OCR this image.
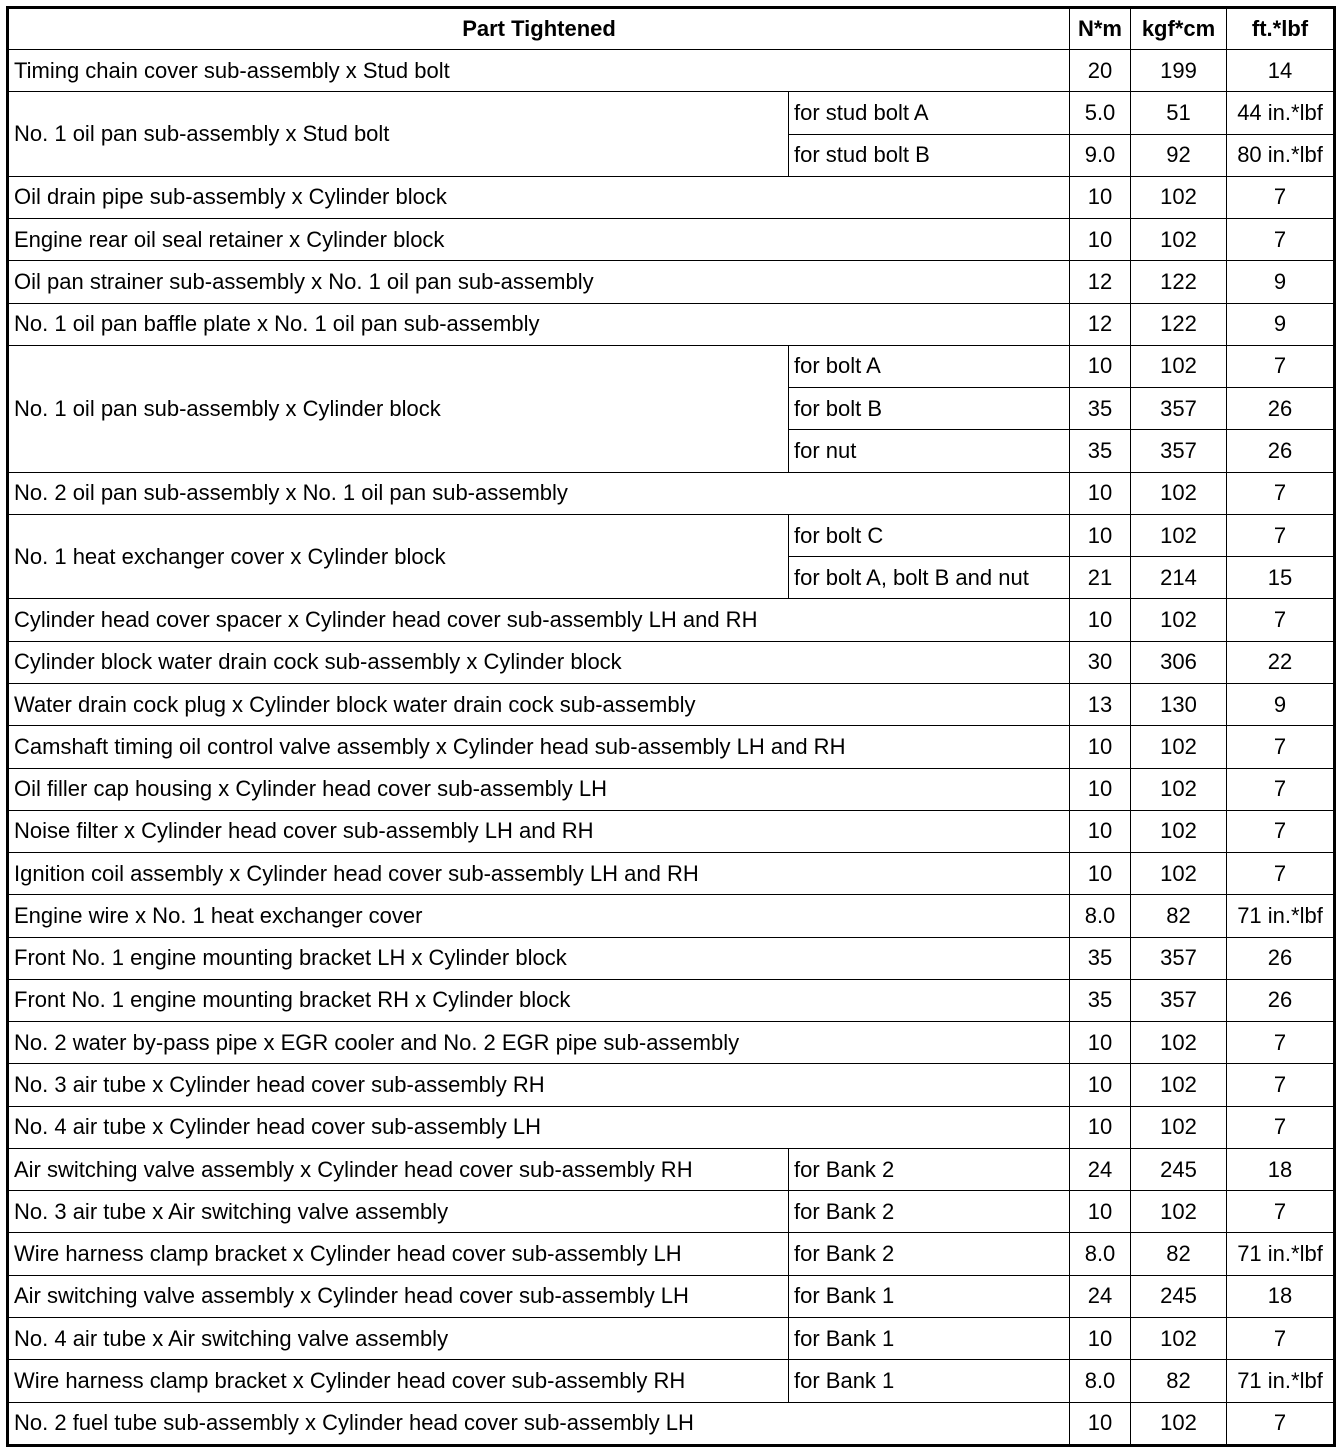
Part Tightened		N*m	kgf*cm	ft.*lbf
Timing chain cover sub-assembly x Stud bolt		20	199	14
No. 1 oil pan sub-assembly x Stud bolt	for stud bolt A	5.0	51	44 in.*lbf
	for stud bolt B	9.0	92	80 in.*lbf
Oil drain pipe sub-assembly x Cylinder block		10	102	7
Engine rear oil seal retainer x Cylinder block		10	102	7
Oil pan strainer sub-assembly x No. 1 oil pan sub-assembly		12	122	9
No. 1 oil pan baffle plate x No. 1 oil pan sub-assembly		12	122	9
No. 1 oil pan sub-assembly x Cylinder block	for bolt A	10	102	7
	for bolt B	35	357	26
	for nut	35	357	26
No. 2 oil pan sub-assembly x No. 1 oil pan sub-assembly		10	102	7
No. 1 heat exchanger cover x Cylinder block	for bolt C	10	102	7
	for bolt A, bolt B and nut	21	214	15
Cylinder head cover spacer x Cylinder head cover sub-assembly LH and RH		10	102	7
Cylinder block water drain cock sub-assembly x Cylinder block		30	306	22
Water drain cock plug x Cylinder block water drain cock sub-assembly		13	130	9
Camshaft timing oil control valve assembly x Cylinder head sub-assembly LH and RH		10	102	7
Oil filler cap housing x Cylinder head cover sub-assembly LH		10	102	7
Noise filter x Cylinder head cover sub-assembly LH and RH		10	102	7
Ignition coil assembly x Cylinder head cover sub-assembly LH and RH		10	102	7
Engine wire x No. 1 heat exchanger cover		8.0	82	71 in.*lbf
Front No. 1 engine mounting bracket LH x Cylinder block		35	357	26
Front No. 1 engine mounting bracket RH x Cylinder block		35	357	26
No. 2 water by-pass pipe x EGR cooler and No. 2 EGR pipe sub-assembly		10	102	7
No. 3 air tube x Cylinder head cover sub-assembly RH		10	102	7
No. 4 air tube x Cylinder head cover sub-assembly LH		10	102	7
Air switching valve assembly x Cylinder head cover sub-assembly RH	for Bank 2	24	245	18
No. 3 air tube x Air switching valve assembly	for Bank 2	10	102	7
Wire harness clamp bracket x Cylinder head cover sub-assembly LH	for Bank 2	8.0	82	71 in.*lbf
Air switching valve assembly x Cylinder head cover sub-assembly LH	for Bank 1	24	245	18
No. 4 air tube x Air switching valve assembly	for Bank 1	10	102	7
Wire harness clamp bracket x Cylinder head cover sub-assembly RH	for Bank 1	8.0	82	71 in.*lbf
No. 2 fuel tube sub-assembly x Cylinder head cover sub-assembly LH		10	102	7
